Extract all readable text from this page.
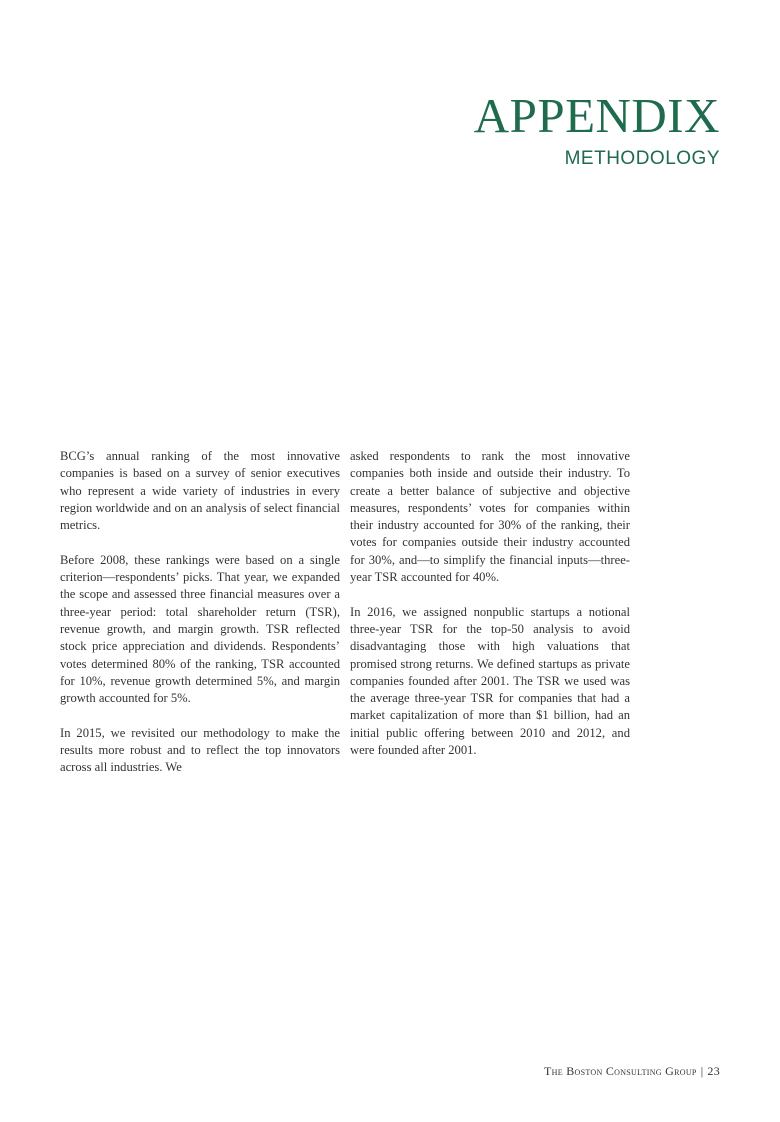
APPENDIX
METHODOLOGY

BCG’s annual ranking of the most innovative companies is based on a survey of senior executives who represent a wide variety of industries in every region worldwide and on an analysis of select financial metrics.

Before 2008, these rankings were based on a single criterion—respondents’ picks. That year, we expanded the scope and assessed three financial measures over a three-year period: total shareholder return (TSR), revenue growth, and margin growth. TSR reflected stock price appreciation and dividends. Respondents’ votes determined 80% of the ranking, TSR accounted for 10%, revenue growth determined 5%, and margin growth accounted for 5%.

In 2015, we revisited our methodology to make the results more robust and to reflect the top innovators across all industries. We

asked respondents to rank the most innovative companies both inside and outside their industry. To create a better balance of subjective and objective measures, respondents’ votes for companies within their industry accounted for 30% of the ranking, their votes for companies outside their industry accounted for 30%, and—to simplify the financial inputs—three-year TSR accounted for 40%.

In 2016, we assigned nonpublic startups a notional three-year TSR for the top-50 analysis to avoid disadvantaging those with high valuations that promised strong returns. We defined startups as private companies founded after 2001. The TSR we used was the average three-year TSR for companies that had a market capitalization of more than $1 billion, had an initial public offering between 2010 and 2012, and were founded after 2001.

The Boston Consulting Group | 23
